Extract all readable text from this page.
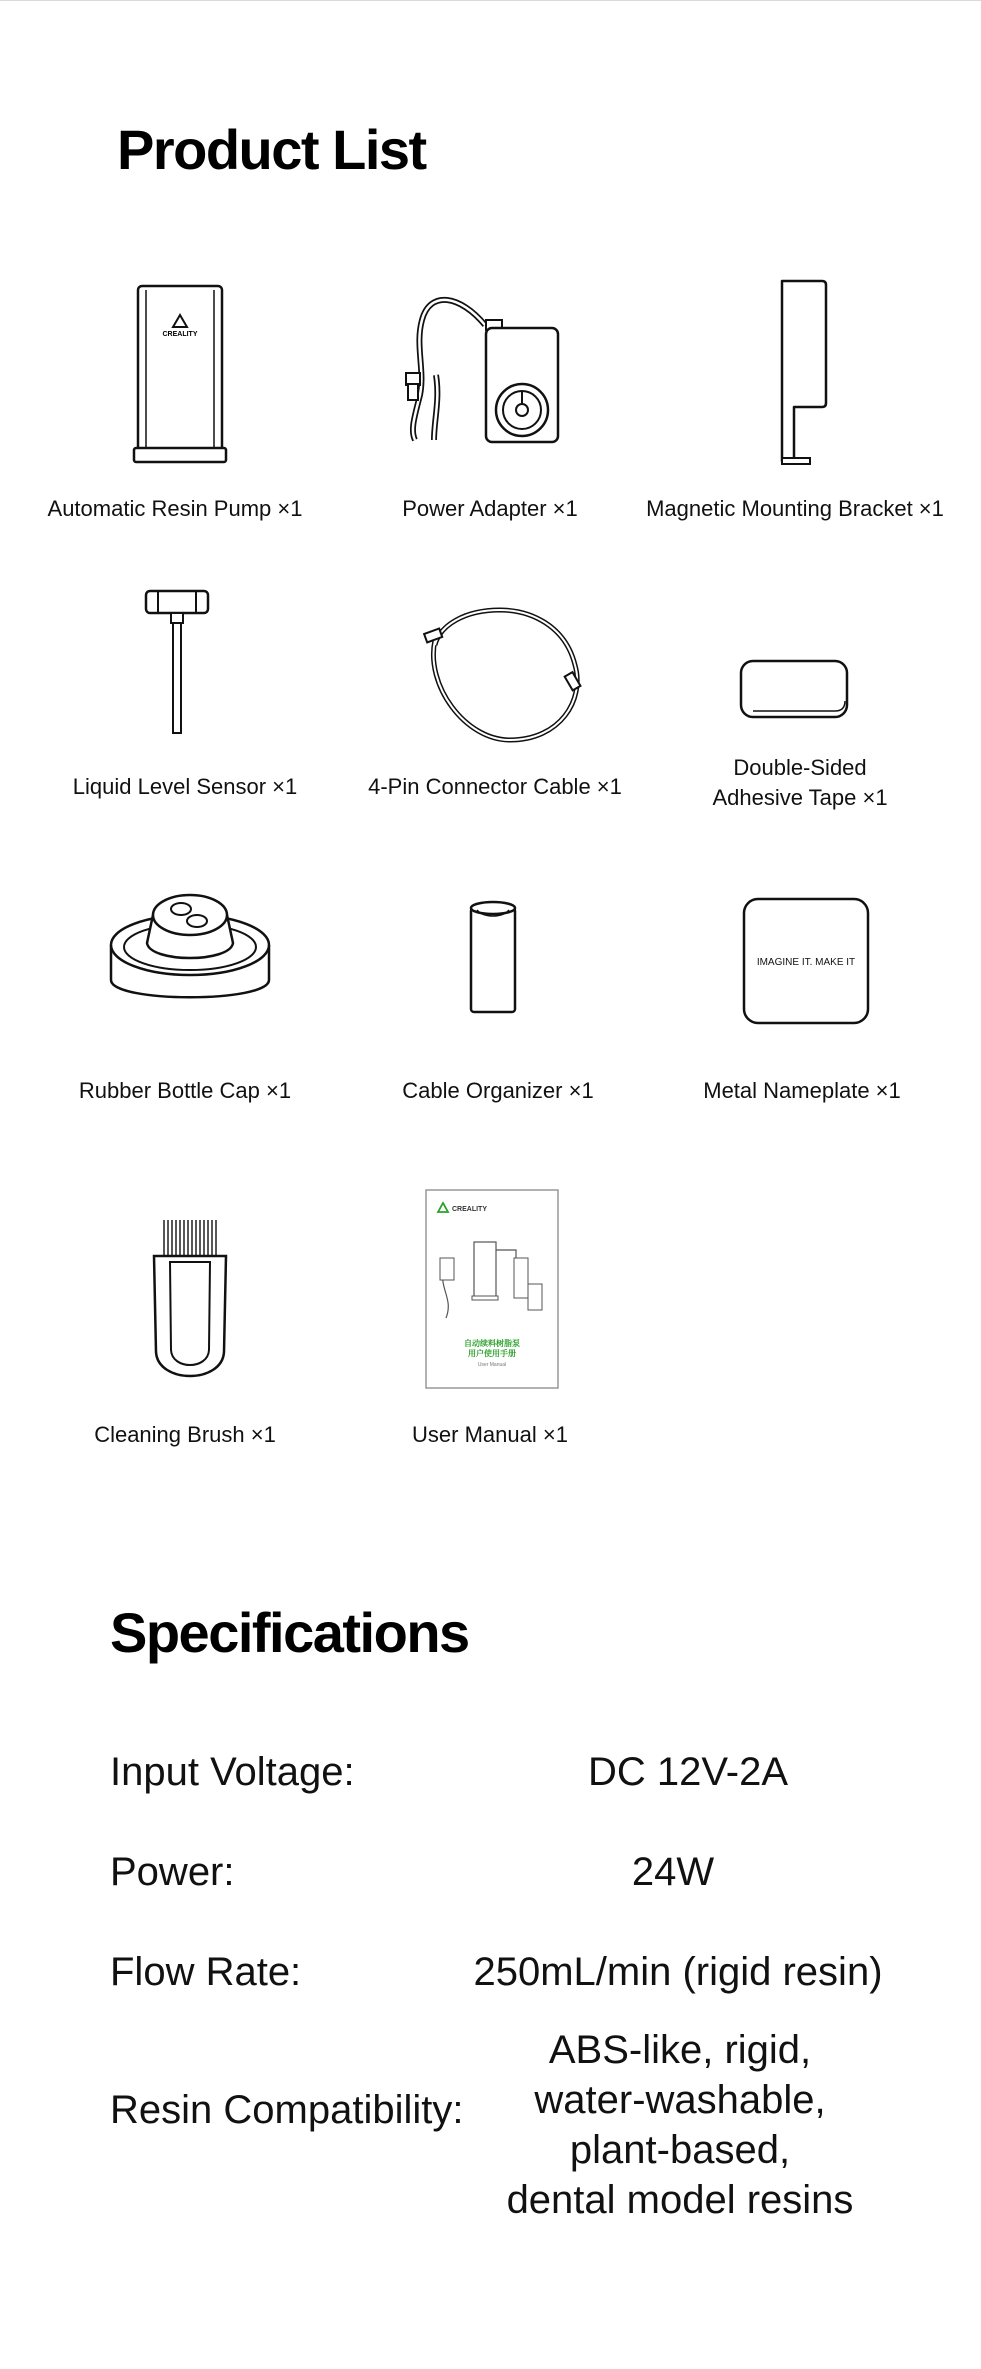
Product List
CREALITY
Automatic Resin Pump ×1	Power Adapter ×1	Magnetic Mounting Bracket ×1
Liquid Level Sensor ×1	4-Pin Connector Cable ×1
Double-Sided
Adhesive Tape ×1
Rubber Bottle Cap ×1	Cable Organizer ×1
IMAGINE IT. MAKE IT
Metal Nameplate ×1
Cleaning Brush ×1
CREALITY
自动续料树脂泵
用户使用手册
User Manual
User Manual ×1
Specifications
Input Voltage:	DC 12V-2A
Power:	24W
Flow Rate:	250mL/min (rigid resin)
Resin Compatibility:
ABS-like, rigid,
water-washable,
plant-based,
dental model resins
